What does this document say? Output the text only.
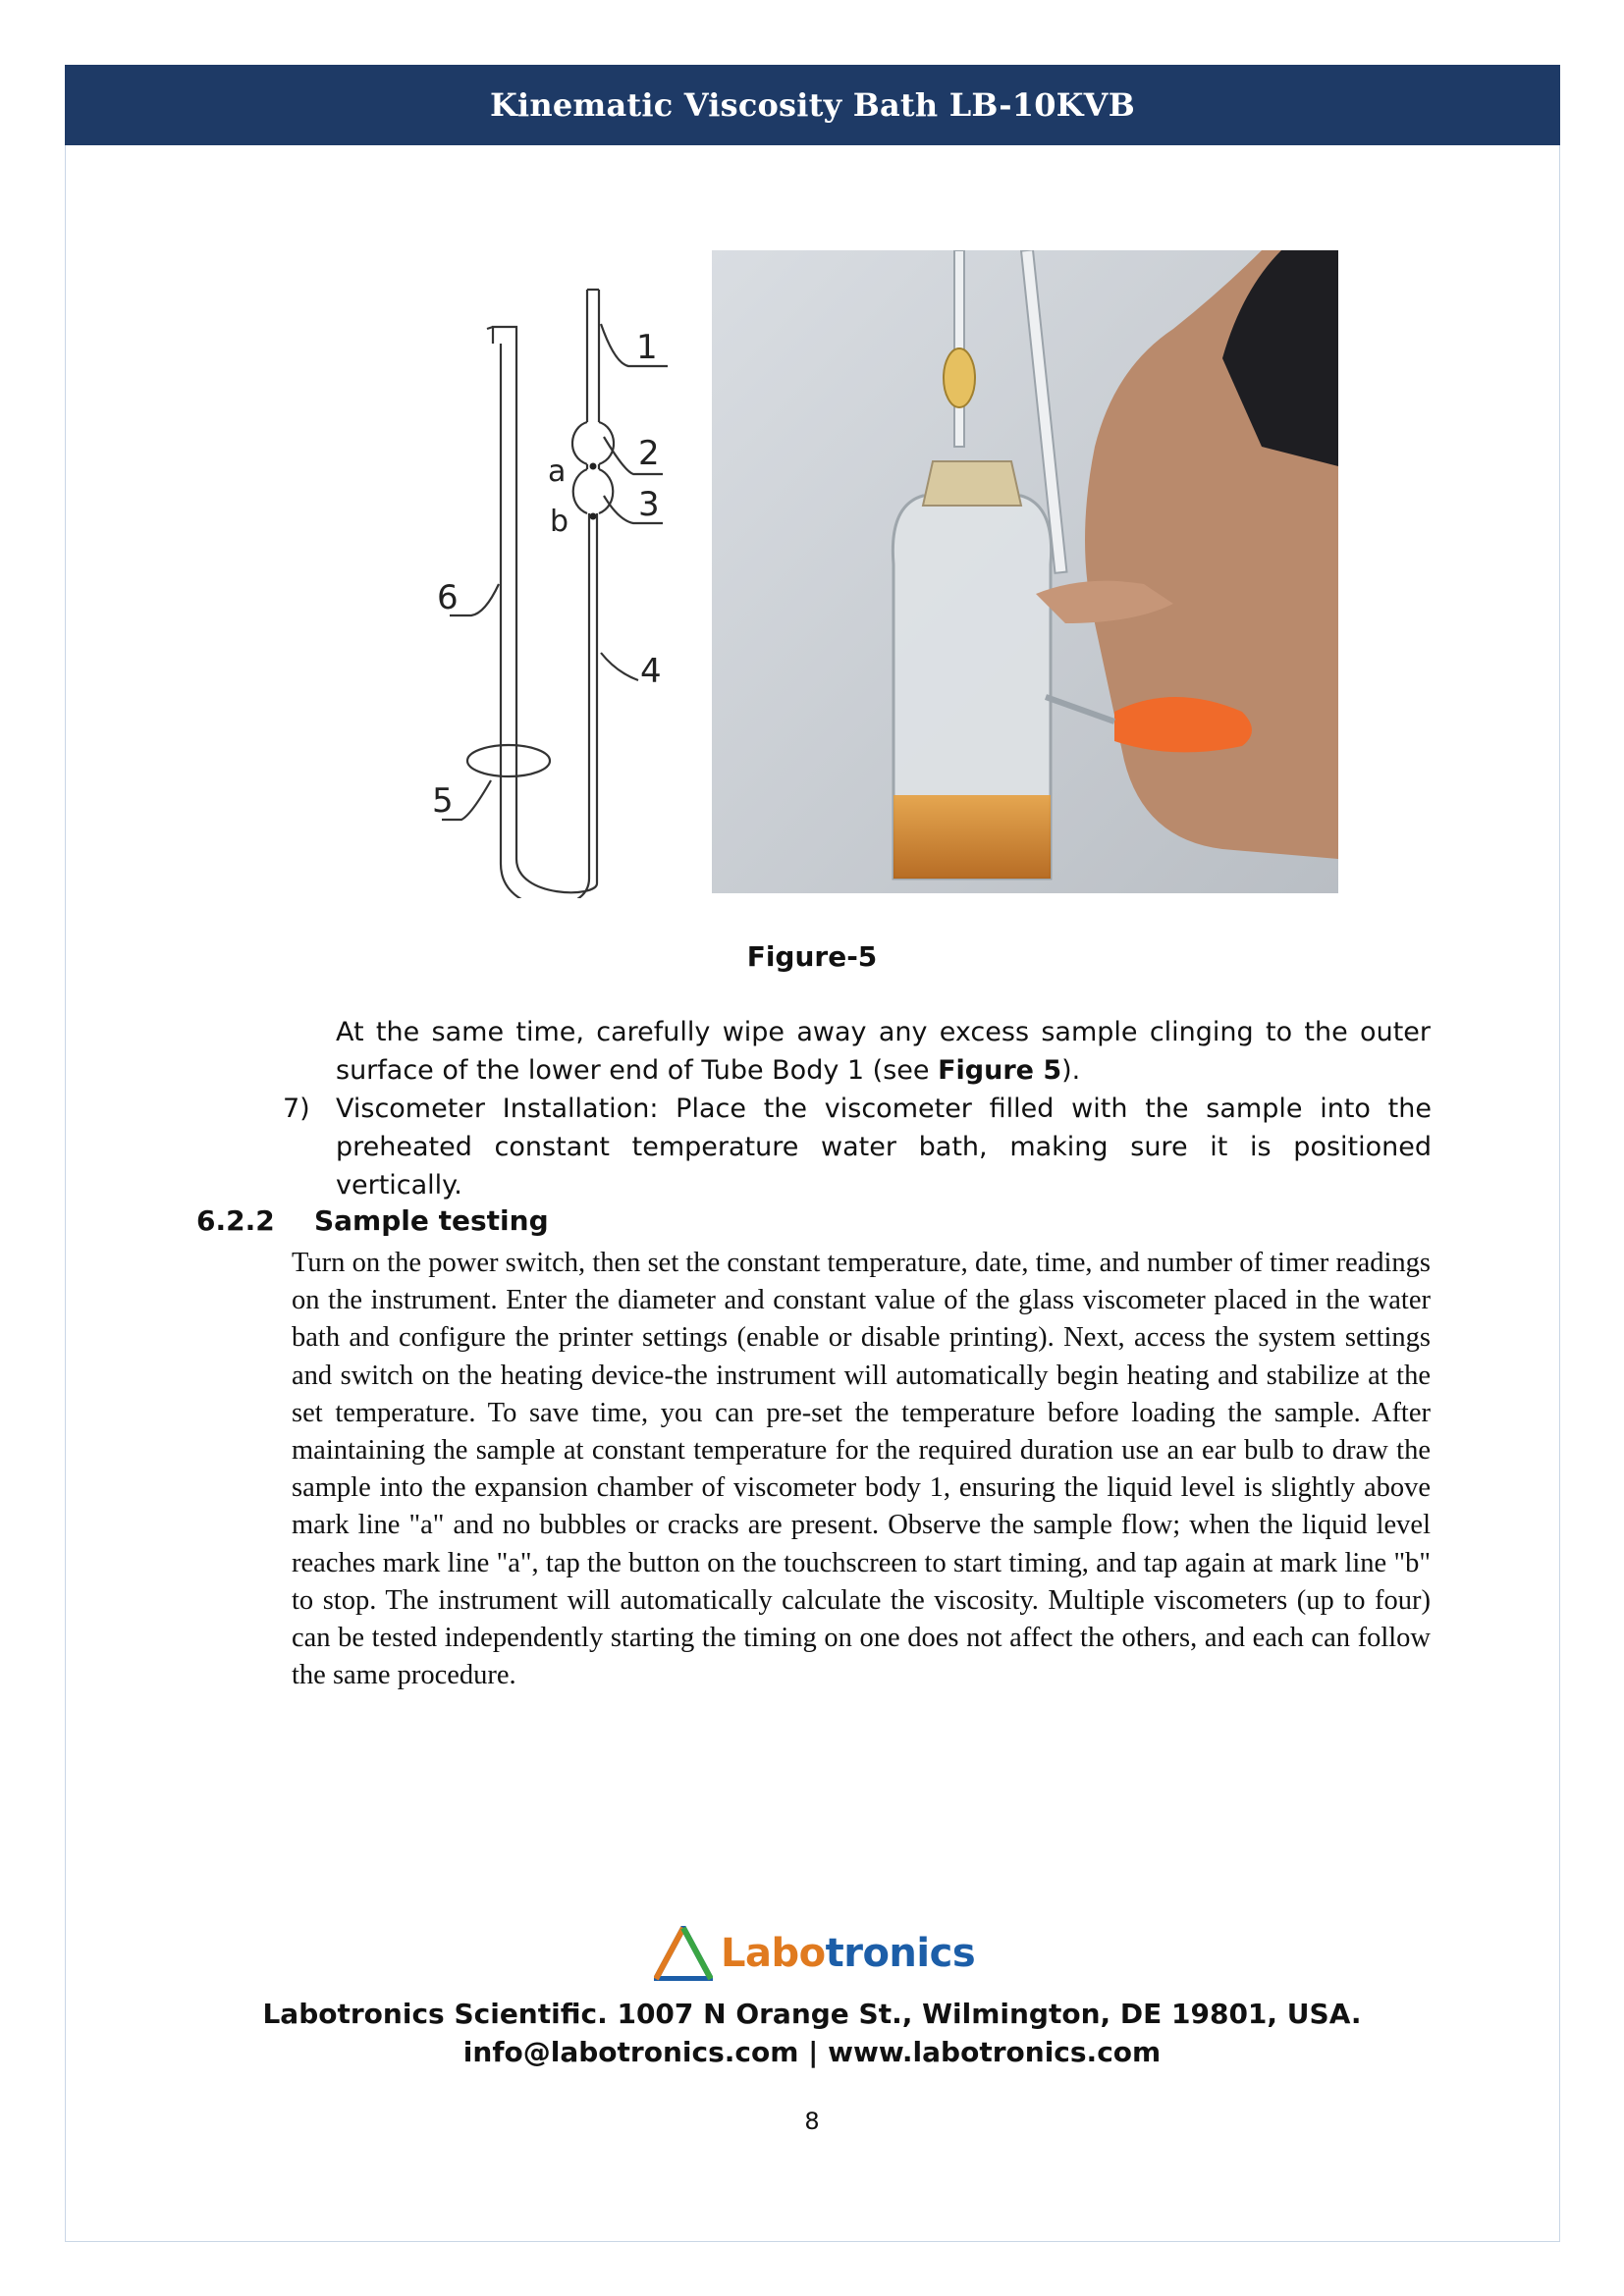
Kinematic Viscosity Bath LB-10KVB
1
2
3
4
5
6
a
b
Figure-5
At the same time, carefully wipe away any excess sample clinging to the outer surface of the lower end of Tube Body 1 (see Figure 5).
7) Viscometer Installation: Place the viscometer filled with the sample into the preheated constant temperature water bath, making sure it is positioned vertically.
6.2.2 Sample testing
Turn on the power switch, then set the constant temperature, date, time, and number of timer readings on the instrument. Enter the diameter and constant value of the glass viscometer placed in the water bath and configure the printer settings (enable or disable printing). Next, access the system settings and switch on the heating device-the instrument will automatically begin heating and stabilize at the set temperature. To save time, you can pre-set the temperature before loading the sample. After maintaining the sample at constant temperature for the required duration use an ear bulb to draw the sample into the expansion chamber of viscometer body 1, ensuring the liquid level is slightly above mark line "a" and no bubbles or cracks are present. Observe the sample flow; when the liquid level reaches mark line "a", tap the button on the touchscreen to start timing, and tap again at mark line "b" to stop. The instrument will automatically calculate the viscosity. Multiple viscometers (up to four) can be tested independently starting the timing on one does not affect the others, and each can follow the same procedure.
Labotronics
Labotronics Scientific. 1007 N Orange St., Wilmington, DE 19801, USA.
info@labotronics.com | www.labotronics.com
8
